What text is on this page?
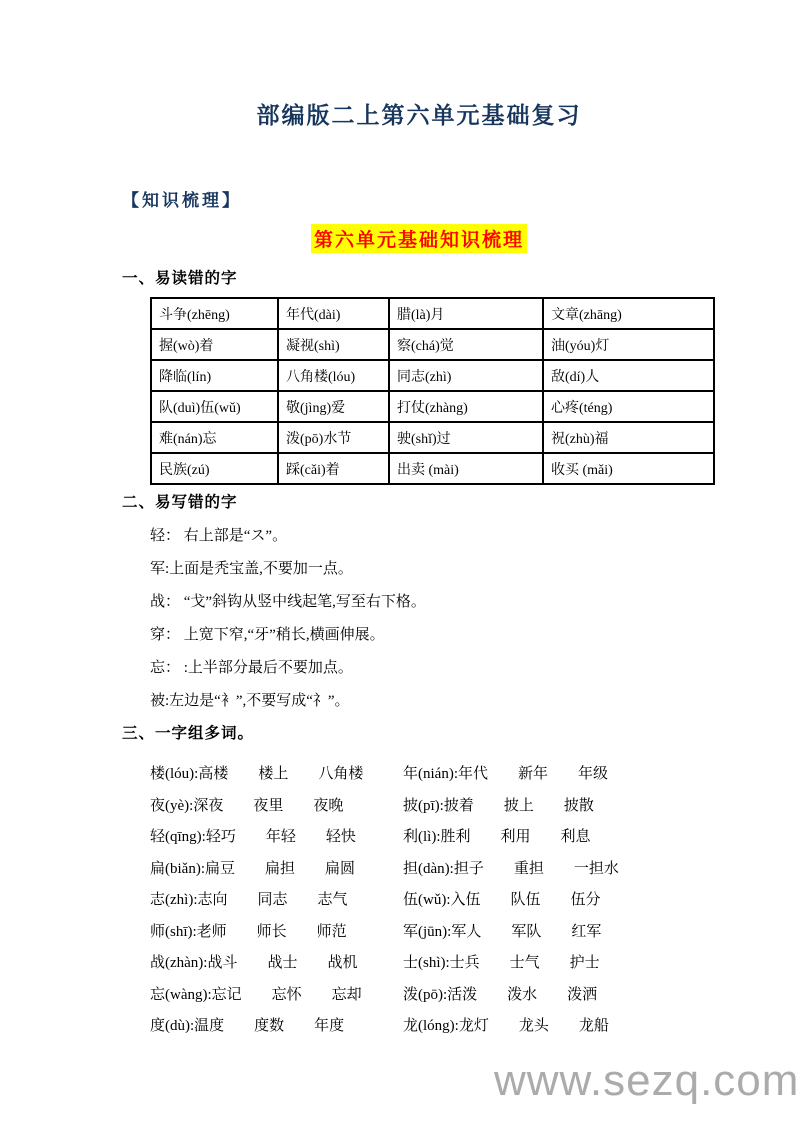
部编版二上第六单元基础复习
【知识梳理】
第六单元基础知识梳理
一、易读错的字
斗争(zhēng)	年代(dài)	腊(là)月	文章(zhāng)
握(wò)着	凝视(shì)	察(chá)觉	油(yóu)灯
降临(lín)	八角楼(lóu)	同志(zhì)	敌(dí)人
队(duì)伍(wǔ)	敬(jìng)爱	打仗(zhàng)	心疼(téng)
难(nán)忘	泼(pō)水节	驶(shǐ)过	祝(zhù)福
民族(zú)	踩(cǎi)着	出卖 (mài)	收买 (mǎi)
二、易写错的字
轻： 右上部是“ス”。
军:上面是秃宝盖,不要加一点。
战： “戈”斜钩从竖中线起笔,写至右下格。
穿： 上宽下窄,“牙”稍长,横画伸展。
忘： :上半部分最后不要加点。
被:左边是“衤”,不要写成“礻”。
三、一字组多词。
楼(lóu):高楼　　楼上　　八角楼	年(nián):年代　　新年　　年级
夜(yè):深夜　　夜里　　夜晚	披(pī):披着　　披上　　披散
轻(qīng):轻巧　　年轻　　轻快	利(lì):胜利　　利用　　利息
扁(biǎn):扁豆　　扁担　　扁圆	担(dàn):担子　　重担　　一担水
志(zhì):志向　　同志　　志气	伍(wǔ):入伍　　队伍　　伍分
师(shī):老师　　师长　　师范	军(jūn):军人　　军队　　红军
战(zhàn):战斗　　战士　　战机	士(shì):士兵　　士气　　护士
忘(wàng):忘记　　忘怀　　忘却	泼(pō):活泼　　泼水　　泼洒
度(dù):温度　　度数　　年度	龙(lóng):龙灯　　龙头　　龙船
www.sezq.com
